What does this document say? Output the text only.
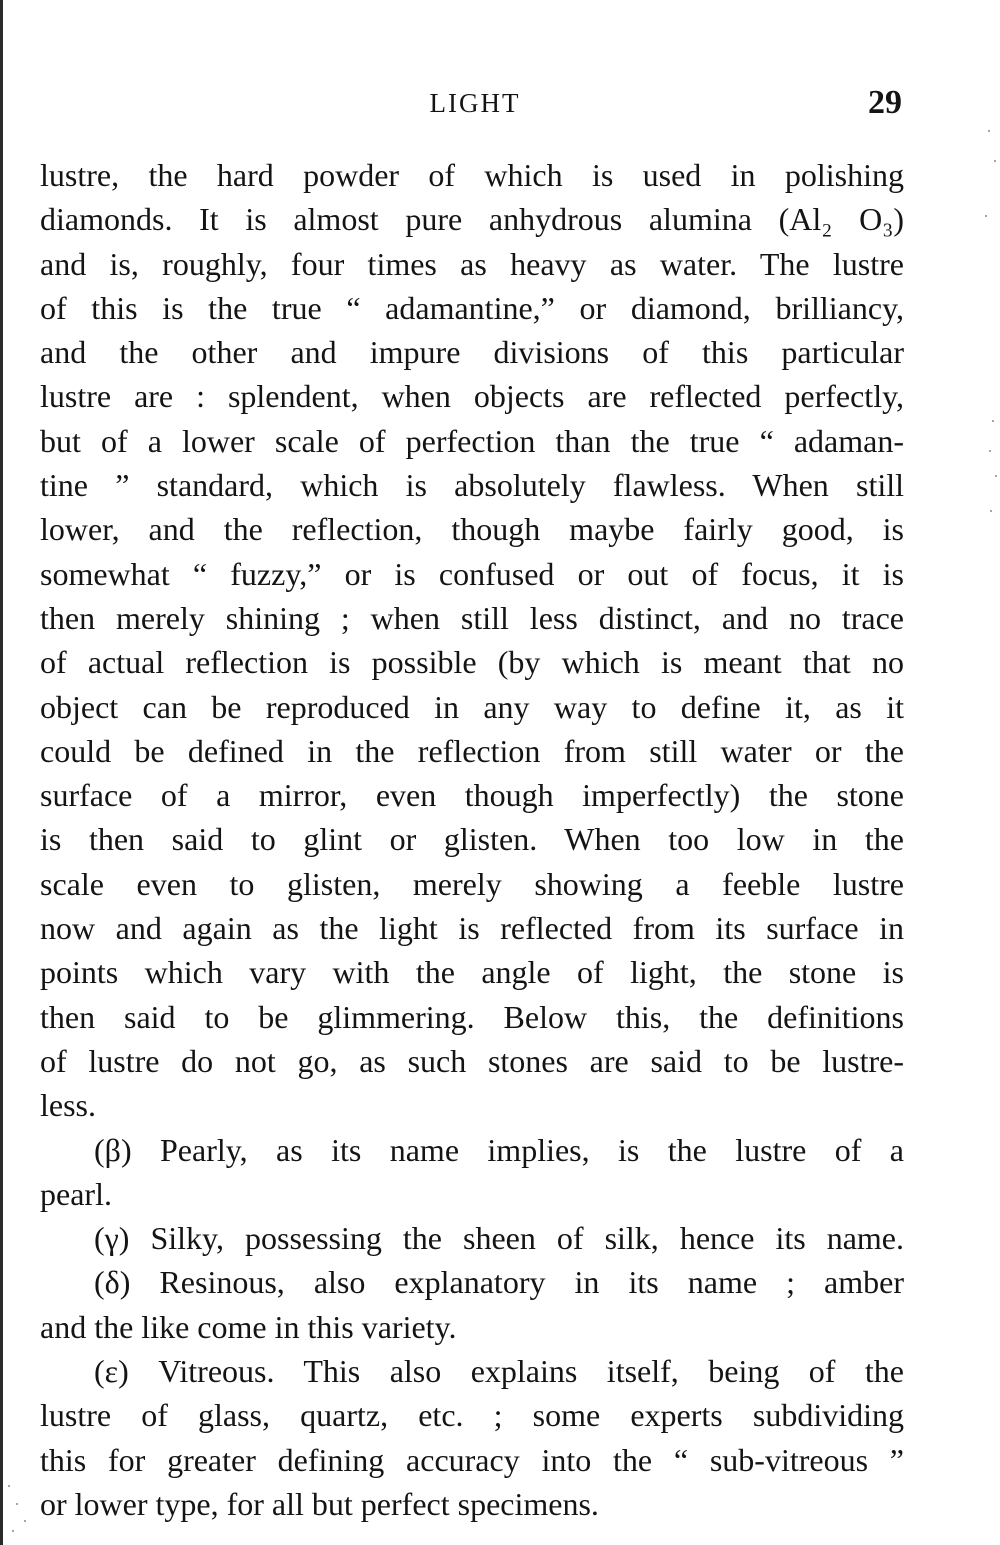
LIGHT	29
lustre, the hard powder of which is used in polishing
diamonds. It is almost pure anhydrous alumina (Al₂ O₃)
and is, roughly, four times as heavy as water. The lustre
of this is the true “ adamantine,” or diamond, brilliancy,
and the other and impure divisions of this particular
lustre are : splendent, when objects are reflected perfectly,
but of a lower scale of perfection than the true “ adaman-
tine ” standard, which is absolutely flawless. When still
lower, and the reflection, though maybe fairly good, is
somewhat “ fuzzy,” or is confused or out of focus, it is
then merely shining ; when still less distinct, and no trace
of actual reflection is possible (by which is meant that no
object can be reproduced in any way to define it, as it
could be defined in the reflection from still water or the
surface of a mirror, even though imperfectly) the stone
is then said to glint or glisten. When too low in the
scale even to glisten, merely showing a feeble lustre
now and again as the light is reflected from its surface in
points which vary with the angle of light, the stone is
then said to be glimmering. Below this, the definitions
of lustre do not go, as such stones are said to be lustre-
less.
(β) Pearly, as its name implies, is the lustre of a
pearl.
(γ) Silky, possessing the sheen of silk, hence its name.
(δ) Resinous, also explanatory in its name ; amber
and the like come in this variety.
(ε) Vitreous. This also explains itself, being of the
lustre of glass, quartz, etc. ; some experts subdividing
this for greater defining accuracy into the “ sub-vitreous ”
or lower type, for all but perfect specimens.
